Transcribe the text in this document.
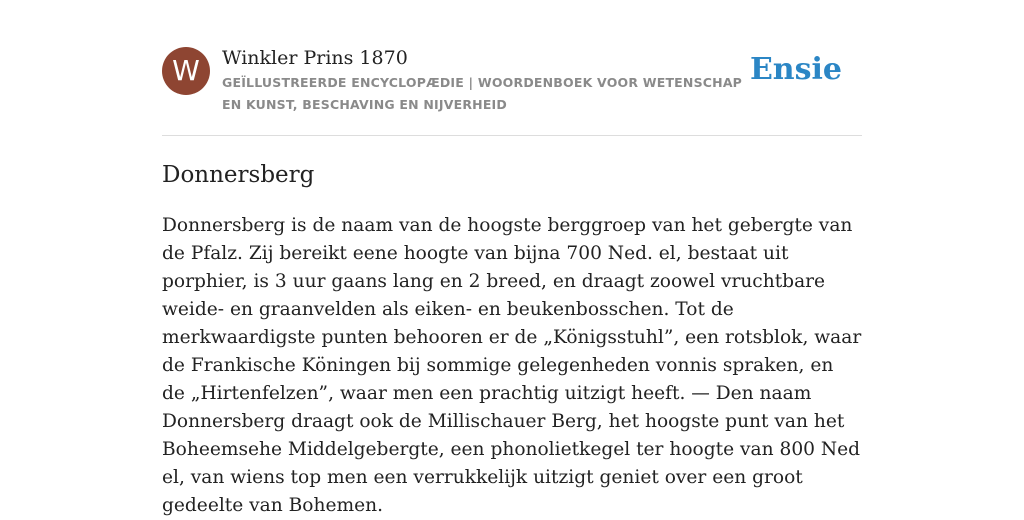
W	Winkler Prins 1870

GEÏLLUSTREERDE ENCYCLOPÆDIE | WOORDENBOEK VOOR WETENSCHAP EN KUNST, BESCHAVING EN NIJVERHEID

Ensie
Donnersberg

Donnersberg is de naam van de hoogste berggroep van het gebergte van de Pfalz. Zij bereikt eene hoogte van bijna 700 Ned. el, bestaat uit porphier, is 3 uur gaans lang en 2 breed, en draagt zoowel vruchtbare weide- en graanvelden als eiken- en beukenbosschen. Tot de merkwaardigste punten behooren er de „Königsstuhl”, een rotsblok, waar de Frankische Köningen bij sommige gelegenheden vonnis spraken, en de „Hirtenfelzen”, waar men een prachtig uitzigt heeft. — Den naam Donnersberg draagt ook de Millischauer Berg, het hoogste punt van het Boheemsehe Middelgebergte, een phonolietkegel ter hoogte van 800 Ned el, van wiens top men een verrukkelijk uitzigt geniet over een groot gedeelte van Bohemen.
